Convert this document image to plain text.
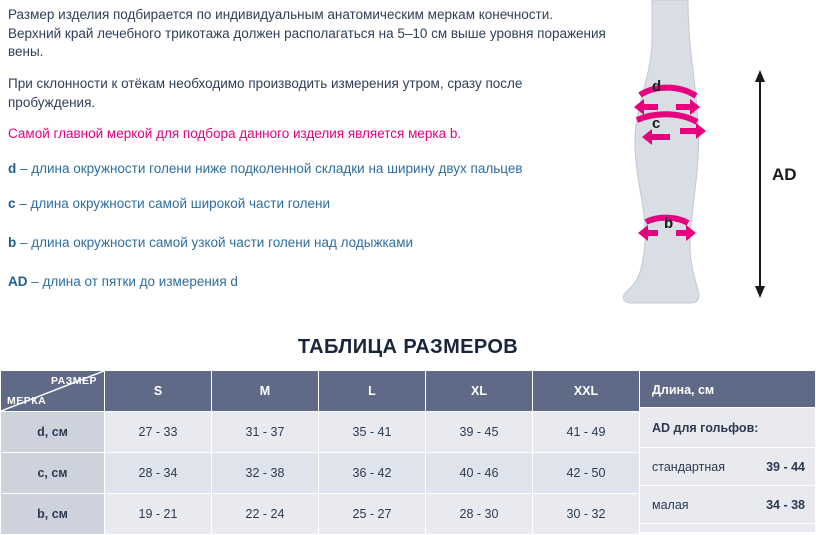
Размер изделия подбирается по индивидуальным анатомическим меркам конечности. Верхний край лечебного трикотажа должен располагаться на 5–10 см выше уровня поражения вены.
При склонности к отёкам необходимо производить измерения утром, сразу после пробуждения.
Самой главной меркой для подбора данного изделия является мерка b.
d – длина окружности голени ниже подколенной складки на ширину двух пальцев
c – длина окружности самой широкой части голени
b – длина окружности самой узкой части голени над лодыжками
AD – длина от пятки до измерения d
d
c
b
AD
ТАБЛИЦА РАЗМЕРОВ
РАЗМЕР
МЕРКА	S	M	L	XL	XXL
d, см	27 - 33	31 - 37	35 - 41	39 - 45	41 - 49
c, см	28 - 34	32 - 38	36 - 42	40 - 46	42 - 50
b, см	19 - 21	22 - 24	25 - 27	28 - 30	30 - 32
Длина, см
AD для гольфов:
стандартная	39 - 44
малая	34 - 38
